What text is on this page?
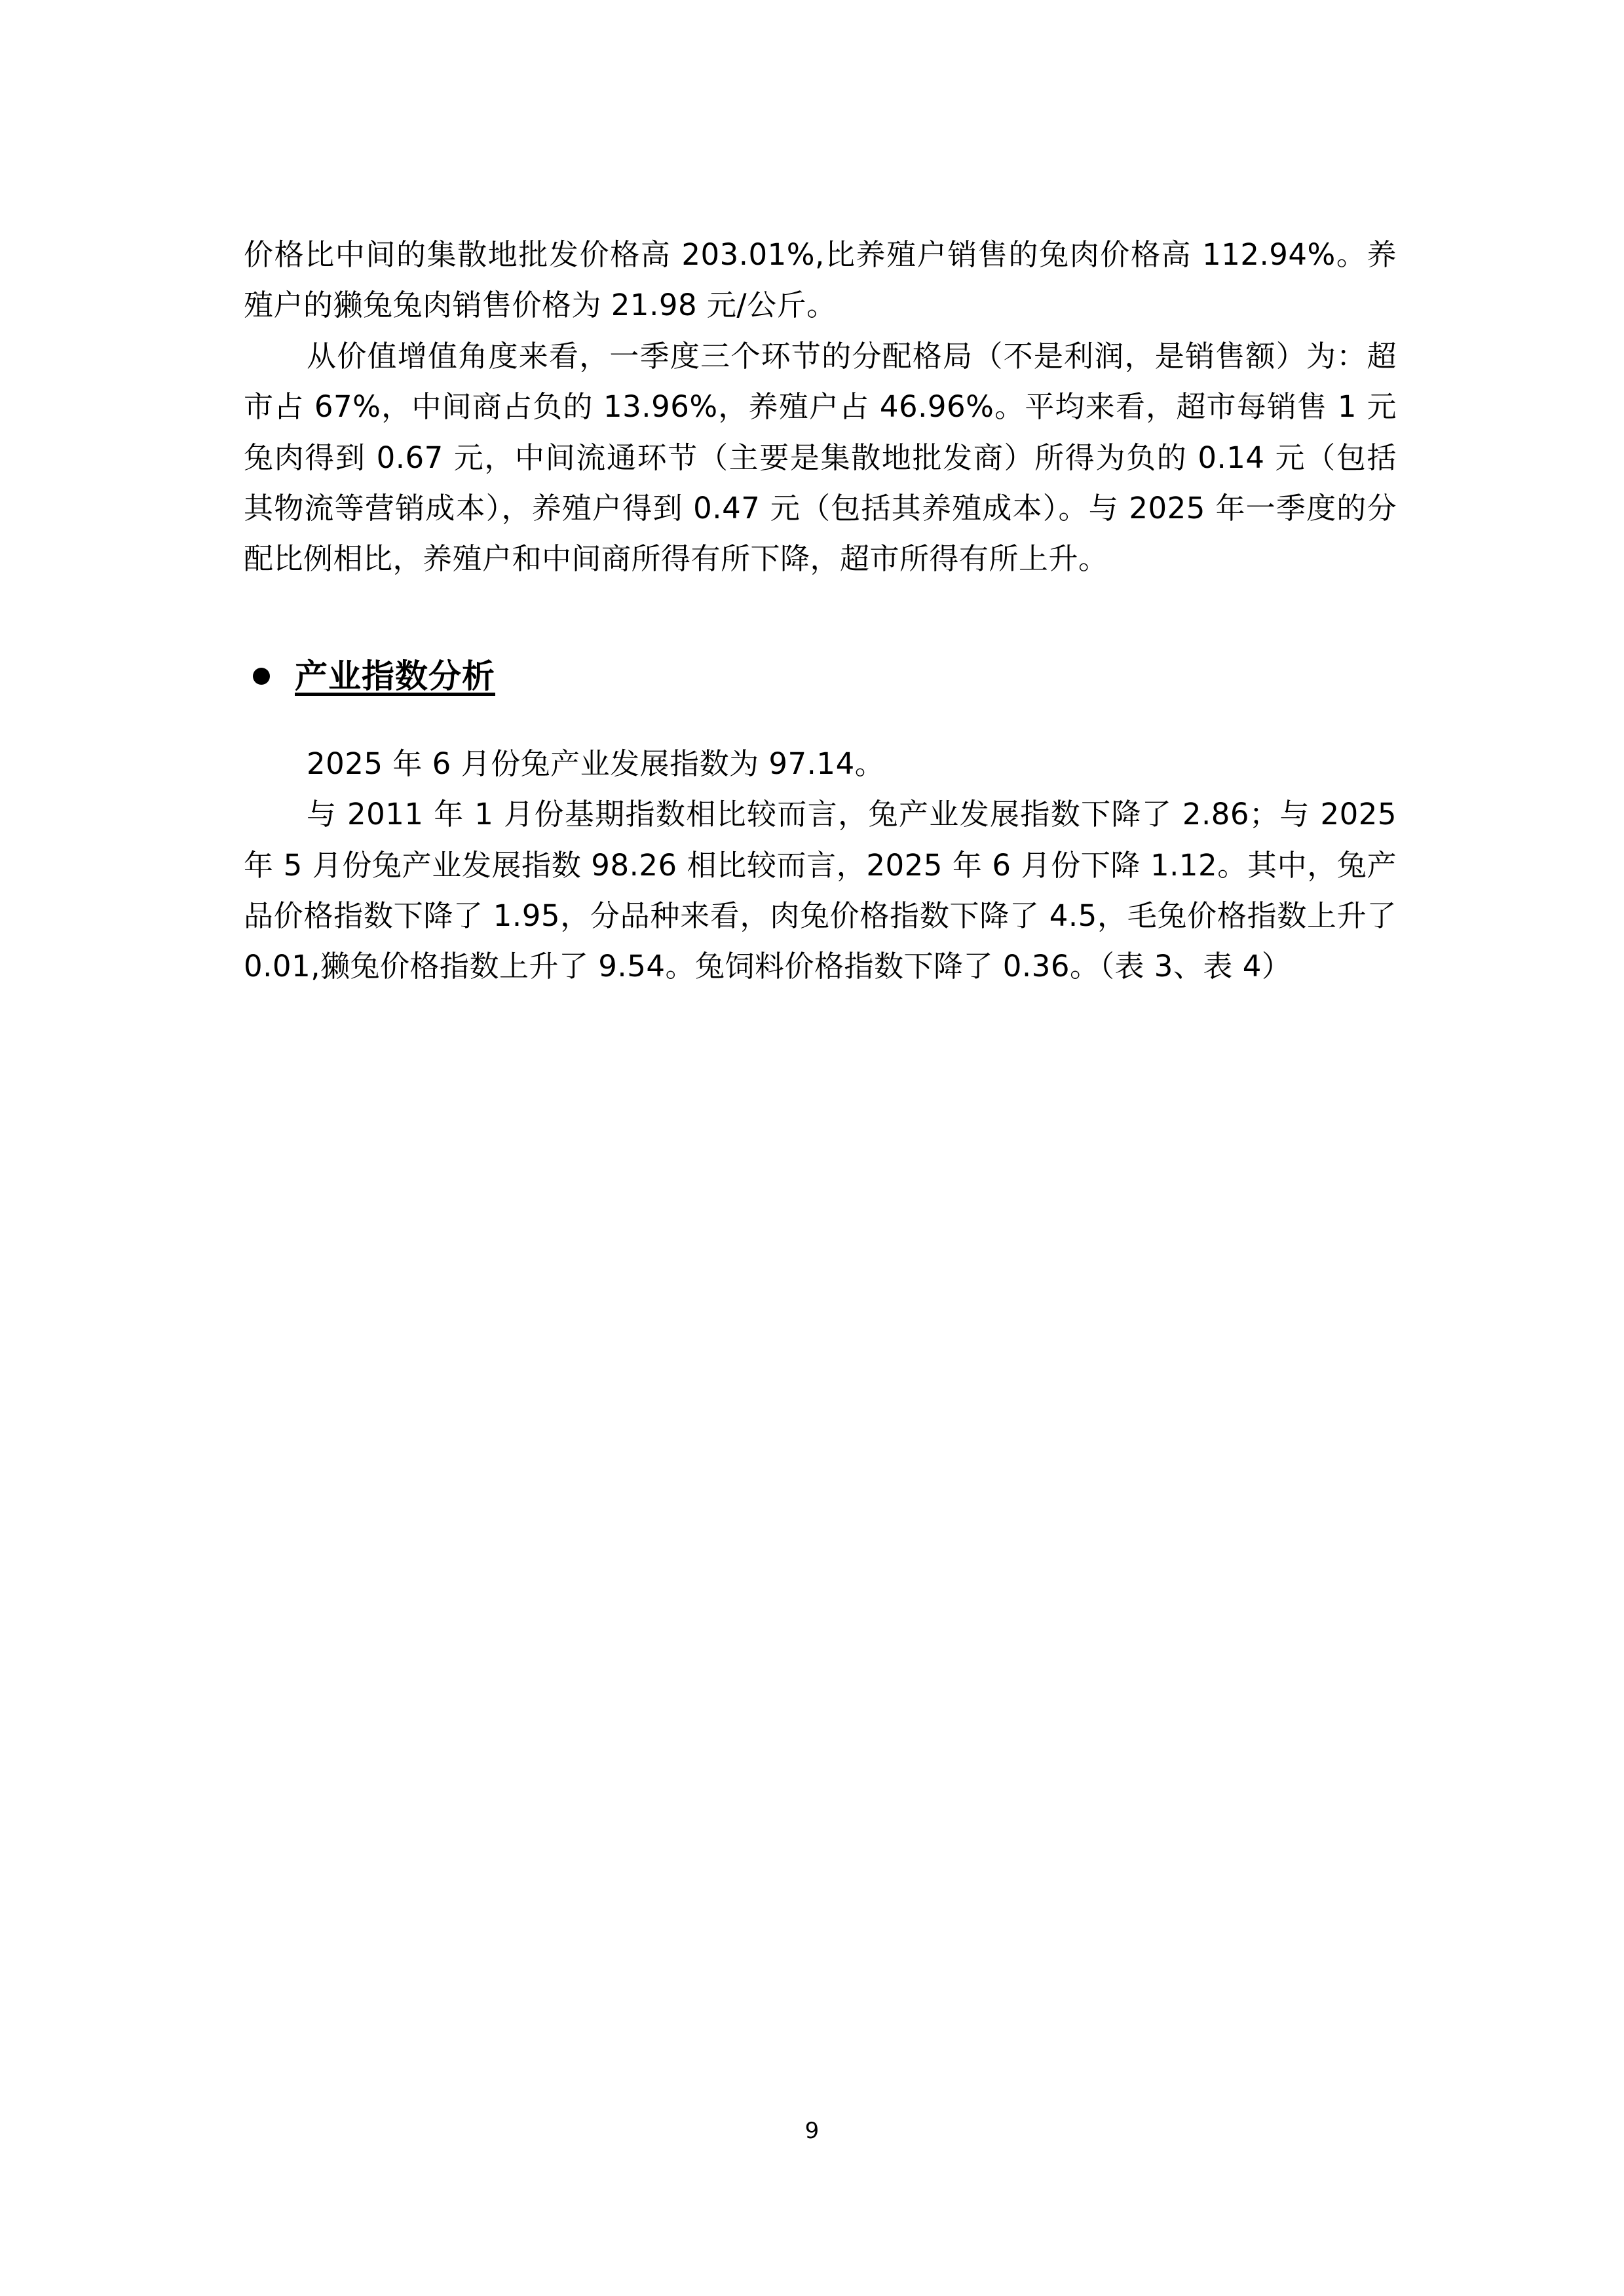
价格比中间的集散地批发价格高 203.01%,比养殖户销售的兔肉价格高 112.94%。养殖户的獭兔兔肉销售价格为 21.98 元/公斤。

从价值增值角度来看，一季度三个环节的分配格局（不是利润，是销售额）为：超市占 67%，中间商占负的 13.96%，养殖户占 46.96%。平均来看，超市每销售 1 元兔肉得到 0.67 元，中间流通环节（主要是集散地批发商）所得为负的 0.14 元（包括其物流等营销成本），养殖户得到 0.47 元（包括其养殖成本）。与 2025 年一季度的分配比例相比，养殖户和中间商所得有所下降，超市所得有所上升。

产业指数分析

2025 年 6 月份兔产业发展指数为 97.14。

与 2011 年 1 月份基期指数相比较而言，兔产业发展指数下降了 2.86；与 2025 年 5 月份兔产业发展指数 98.26 相比较而言，2025 年 6 月份下降 1.12。其中，兔产品价格指数下降了 1.95，分品种来看，肉兔价格指数下降了 4.5，毛兔价格指数上升了 0.01,獭兔价格指数上升了 9.54。兔饲料价格指数下降了 0.36。（表 3、表 4）

9
